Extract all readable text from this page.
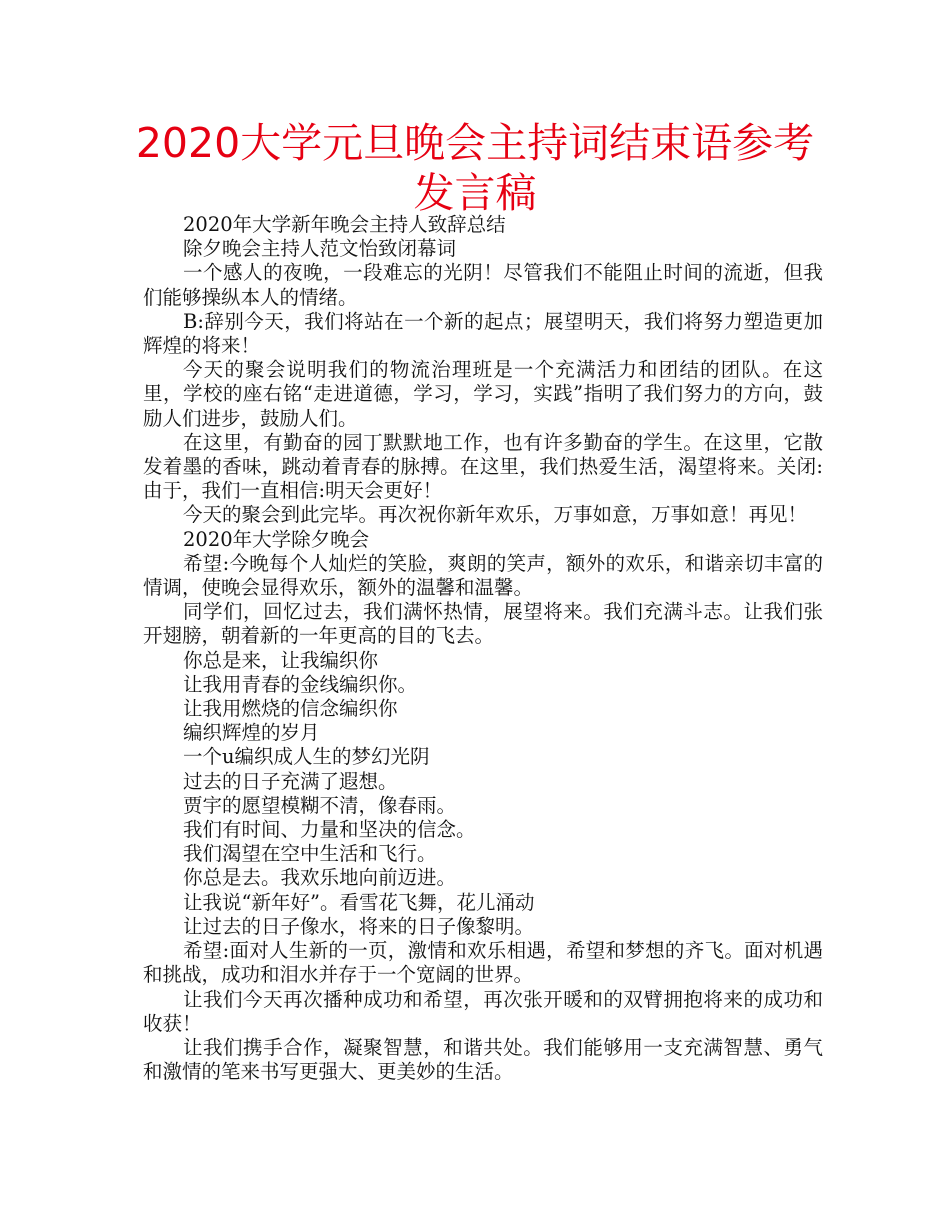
2020大学元旦晚会主持词结束语参考发言稿

2020年大学新年晚会主持人致辞总结

除夕晚会主持人范文怡致闭幕词

一个感人的夜晚，一段难忘的光阴！尽管我们不能阻止时间的流逝，但我们能够操纵本人的情绪。

B:辞别今天，我们将站在一个新的起点；展望明天，我们将努力塑造更加辉煌的将来！

今天的聚会说明我们的物流治理班是一个充满活力和团结的团队。在这里，学校的座右铭“走进道德，学习，学习，实践”指明了我们努力的方向，鼓励人们进步，鼓励人们。

在这里，有勤奋的园丁默默地工作，也有许多勤奋的学生。在这里，它散发着墨的香味，跳动着青春的脉搏。在这里，我们热爱生活，渴望将来。关闭:由于，我们一直相信:明天会更好！

今天的聚会到此完毕。再次祝你新年欢乐，万事如意，万事如意！再见！

2020年大学除夕晚会

希望:今晚每个人灿烂的笑脸，爽朗的笑声，额外的欢乐，和谐亲切丰富的情调，使晚会显得欢乐，额外的温馨和温馨。

同学们，回忆过去，我们满怀热情，展望将来。我们充满斗志。让我们张开翅膀，朝着新的一年更高的目的飞去。

你总是来，让我编织你

让我用青春的金线编织你。

让我用燃烧的信念编织你

编织辉煌的岁月

一个u编织成人生的梦幻光阴

过去的日子充满了遐想。

贾宇的愿望模糊不清，像春雨。

我们有时间、力量和坚决的信念。

我们渴望在空中生活和飞行。

你总是去。我欢乐地向前迈进。

让我说“新年好”。看雪花飞舞，花儿涌动

让过去的日子像水，将来的日子像黎明。

希望:面对人生新的一页，激情和欢乐相遇，希望和梦想的齐飞。面对机遇和挑战，成功和泪水并存于一个宽阔的世界。

让我们今天再次播种成功和希望，再次张开暖和的双臂拥抱将来的成功和收获！

让我们携手合作，凝聚智慧，和谐共处。我们能够用一支充满智慧、勇气和激情的笔来书写更强大、更美妙的生活。
